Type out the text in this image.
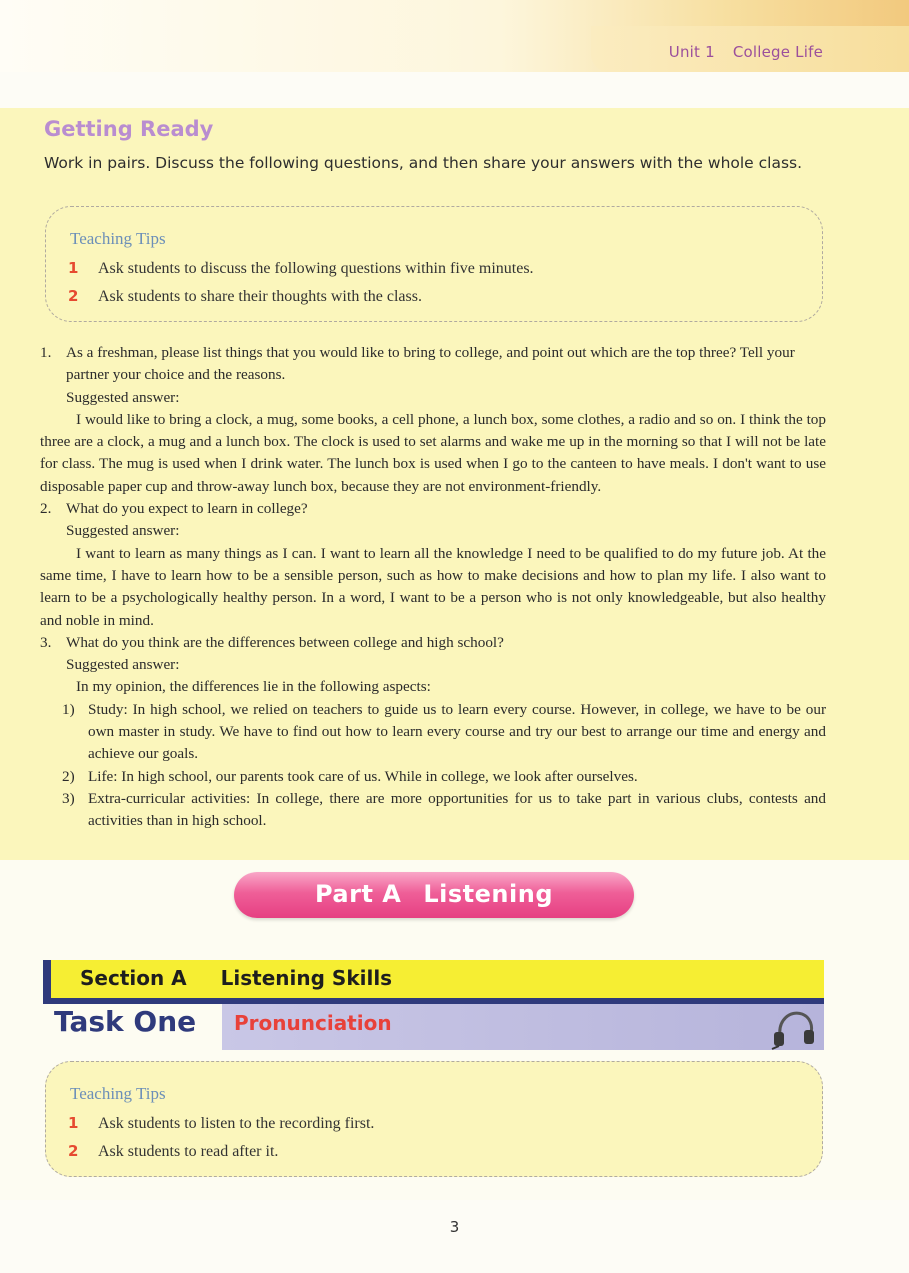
Unit 1 College Life
Getting Ready
Work in pairs. Discuss the following questions, and then share your answers with the whole class.
Teaching Tips
1 Ask students to discuss the following questions within five minutes.
2 Ask students to share their thoughts with the class.
1. As a freshman, please list things that you would like to bring to college, and point out which are the top three? Tell your partner your choice and the reasons.
Suggested answer:
I would like to bring a clock, a mug, some books, a cell phone, a lunch box, some clothes, a radio and so on. I think the top three are a clock, a mug and a lunch box. The clock is used to set alarms and wake me up in the morning so that I will not be late for class. The mug is used when I drink water. The lunch box is used when I go to the canteen to have meals. I don't want to use disposable paper cup and throw-away lunch box, because they are not environment-friendly.
2. What do you expect to learn in college?
Suggested answer:
I want to learn as many things as I can. I want to learn all the knowledge I need to be qualified to do my future job. At the same time, I have to learn how to be a sensible person, such as how to make decisions and how to plan my life. I also want to learn to be a psychologically healthy person. In a word, I want to be a person who is not only knowledgeable, but also healthy and noble in mind.
3. What do you think are the differences between college and high school?
Suggested answer:
In my opinion, the differences lie in the following aspects:
1) Study: In high school, we relied on teachers to guide us to learn every course. However, in college, we have to be our own master in study. We have to find out how to learn every course and try our best to arrange our time and energy and achieve our goals.
2) Life: In high school, our parents took care of us. While in college, we look after ourselves.
3) Extra-curricular activities: In college, there are more opportunities for us to take part in various clubs, contests and activities than in high school.
Part A Listening
Section A Listening Skills
Task One Pronunciation
Teaching Tips
1 Ask students to listen to the recording first.
2 Ask students to read after it.
3
